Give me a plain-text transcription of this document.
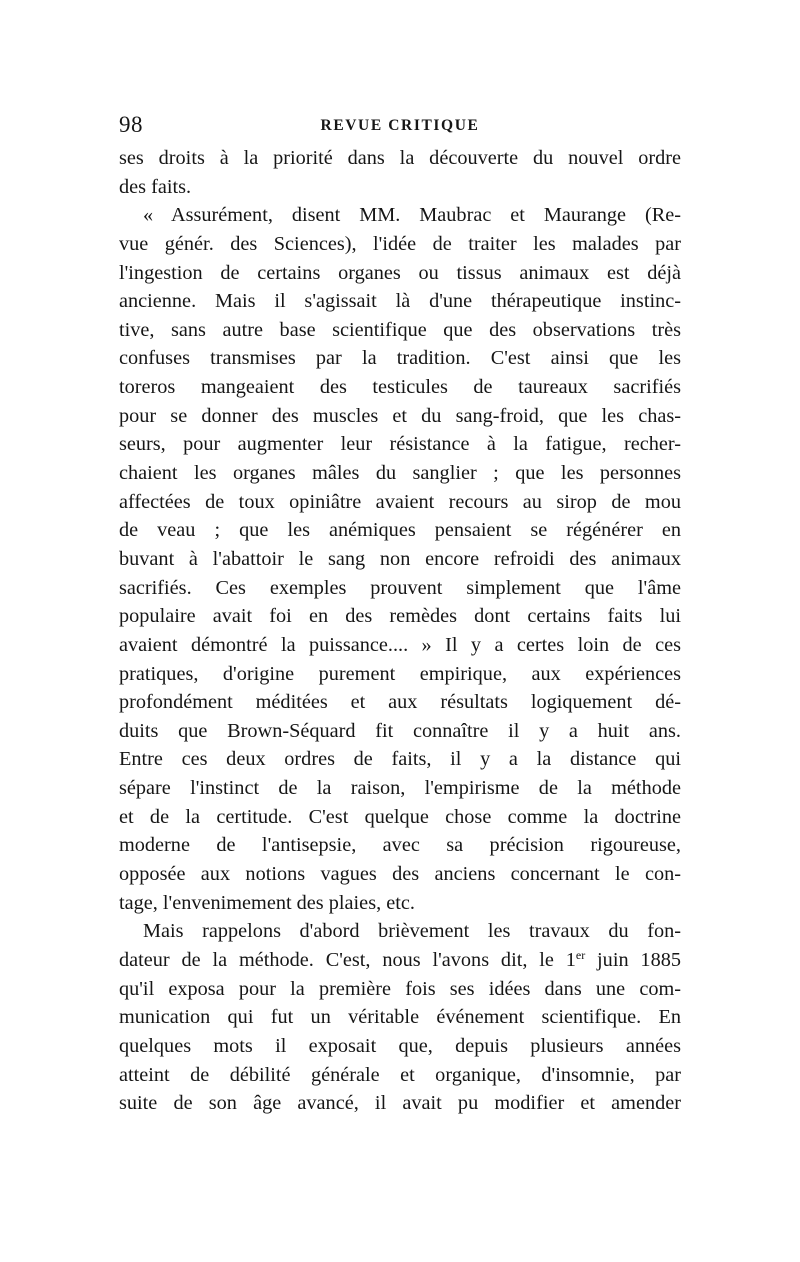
98	REVUE CRITIQUE
ses droits à la priorité dans la découverte du nouvel ordre
des faits.
« Assurément, disent MM. Maubrac et Maurange (Re-
vue génér. des Sciences), l'idée de traiter les malades par
l'ingestion de certains organes ou tissus animaux est déjà
ancienne. Mais il s'agissait là d'une thérapeutique instinc-
tive, sans autre base scientifique que des observations très
confuses transmises par la tradition. C'est ainsi que les
toreros mangeaient des testicules de taureaux sacrifiés
pour se donner des muscles et du sang-froid, que les chas-
seurs, pour augmenter leur résistance à la fatigue, recher-
chaient les organes mâles du sanglier ; que les personnes
affectées de toux opiniâtre avaient recours au sirop de mou
de veau ; que les anémiques pensaient se régénérer en
buvant à l'abattoir le sang non encore refroidi des animaux
sacrifiés. Ces exemples prouvent simplement que l'âme
populaire avait foi en des remèdes dont certains faits lui
avaient démontré la puissance.... » Il y a certes loin de ces
pratiques, d'origine purement empirique, aux expériences
profondément méditées et aux résultats logiquement dé-
duits que Brown-Séquard fit connaître il y a huit ans.
Entre ces deux ordres de faits, il y a la distance qui
sépare l'instinct de la raison, l'empirisme de la méthode
et de la certitude. C'est quelque chose comme la doctrine
moderne de l'antisepsie, avec sa précision rigoureuse,
opposée aux notions vagues des anciens concernant le con-
tage, l'envenimement des plaies, etc.
Mais rappelons d'abord brièvement les travaux du fon-
dateur de la méthode. C'est, nous l'avons dit, le 1er juin 1885
qu'il exposa pour la première fois ses idées dans une com-
munication qui fut un véritable événement scientifique. En
quelques mots il exposait que, depuis plusieurs années
atteint de débilité générale et organique, d'insomnie, par
suite de son âge avancé, il avait pu modifier et amender
